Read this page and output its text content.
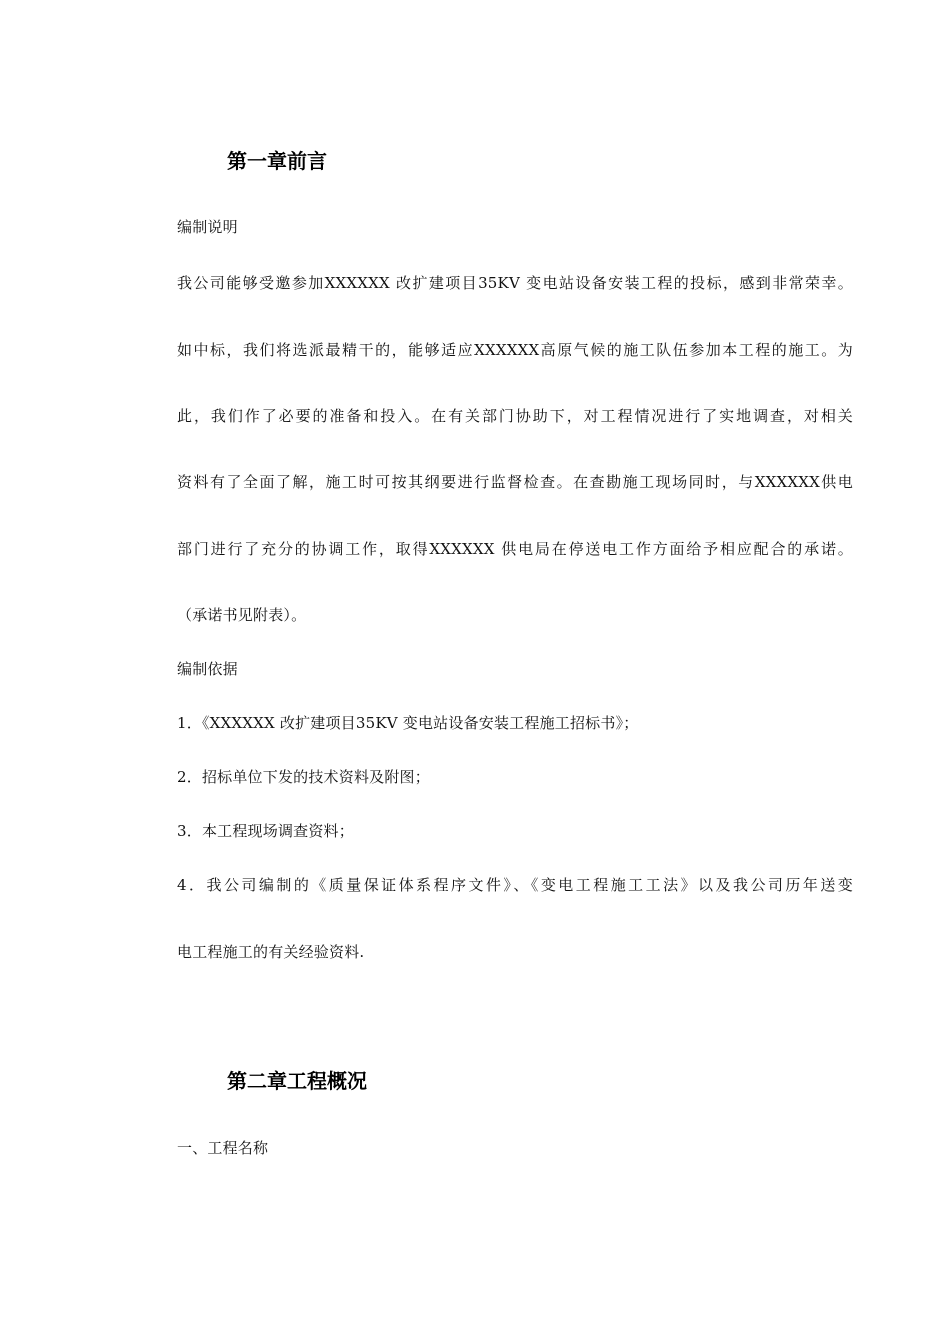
第一章前言
编制说明
我公司能够受邀参加XXXXXX 改扩建项目35KV 变电站设备安装工程的投标，感到非常荣幸。
如中标，我们将选派最精干的，能够适应XXXXXX高原气候的施工队伍参加本工程的施工。为
此，我们作了必要的准备和投入。在有关部门协助下，对工程情况进行了实地调查，对相关
资料有了全面了解，施工时可按其纲要进行监督检查。在查勘施工现场同时，与XXXXXX供电
部门进行了充分的协调工作，取得XXXXXX 供电局在停送电工作方面给予相应配合的承诺。
（承诺书见附表）。
编制依据
1．《XXXXXX 改扩建项目35KV 变电站设备安装工程施工招标书》；
2．招标单位下发的技术资料及附图；
3．本工程现场调查资料；
4．我公司编制的《质量保证体系程序文件》、《变电工程施工工法》以及我公司历年送变
电工程施工的有关经验资料.
第二章工程概况
一、工程名称
